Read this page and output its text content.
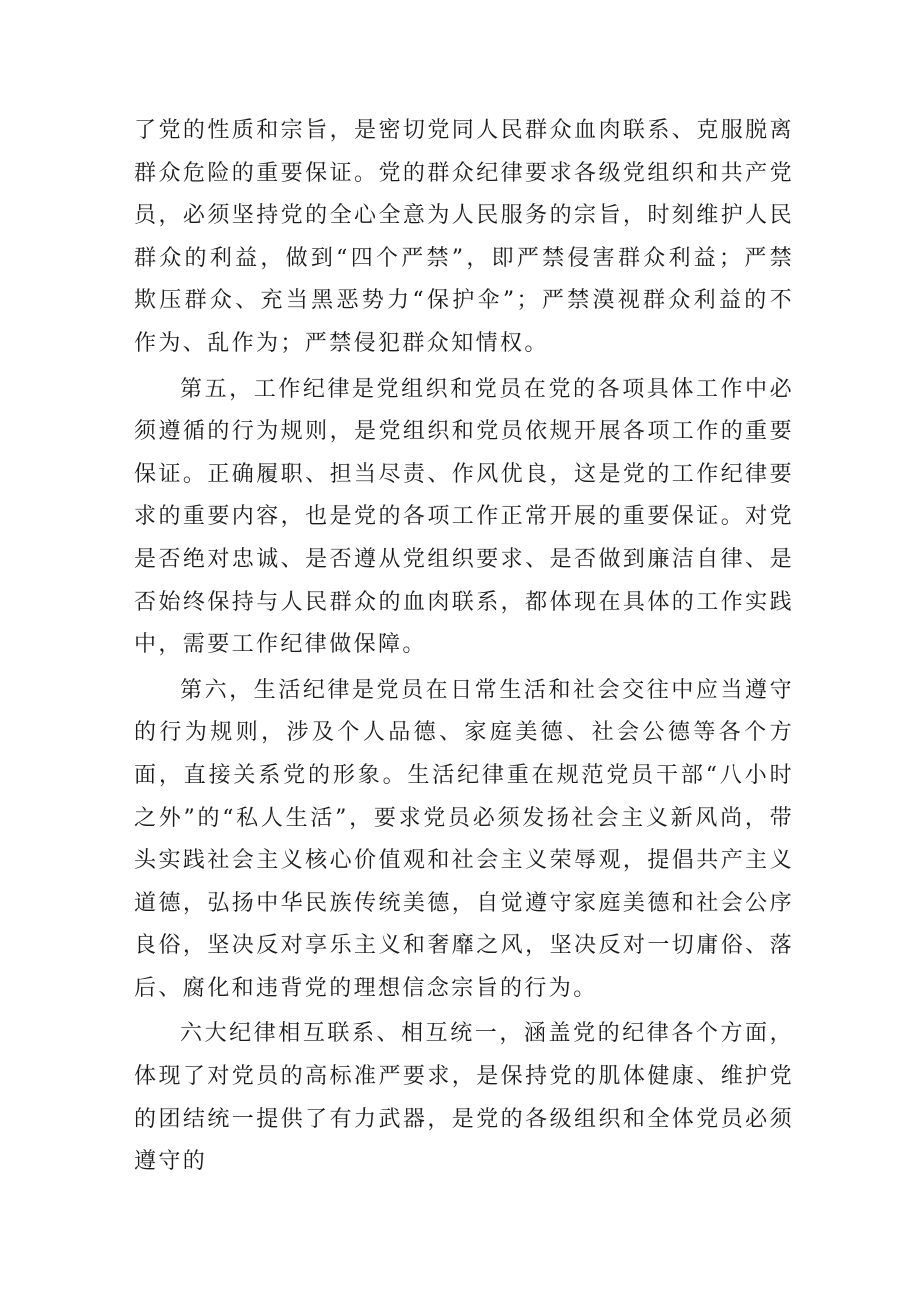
了党的性质和宗旨，是密切党同人民群众血肉联系、克服脱离群众危险的重要保证。党的群众纪律要求各级党组织和共产党员，必须坚持党的全心全意为人民服务的宗旨，时刻维护人民群众的利益，做到“四个严禁”，即严禁侵害群众利益；严禁欺压群众、充当黑恶势力“保护伞”；严禁漠视群众利益的不作为、乱作为；严禁侵犯群众知情权。

第五，工作纪律是党组织和党员在党的各项具体工作中必须遵循的行为规则，是党组织和党员依规开展各项工作的重要保证。正确履职、担当尽责、作风优良，这是党的工作纪律要求的重要内容，也是党的各项工作正常开展的重要保证。对党是否绝对忠诚、是否遵从党组织要求、是否做到廉洁自律、是否始终保持与人民群众的血肉联系，都体现在具体的工作实践中，需要工作纪律做保障。

第六，生活纪律是党员在日常生活和社会交往中应当遵守的行为规则，涉及个人品德、家庭美德、社会公德等各个方面，直接关系党的形象。生活纪律重在规范党员干部“八小时之外”的“私人生活”，要求党员必须发扬社会主义新风尚，带头实践社会主义核心价值观和社会主义荣辱观，提倡共产主义道德，弘扬中华民族传统美德，自觉遵守家庭美德和社会公序良俗，坚决反对享乐主义和奢靡之风，坚决反对一切庸俗、落后、腐化和违背党的理想信念宗旨的行为。

六大纪律相互联系、相互统一，涵盖党的纪律各个方面，体现了对党员的高标准严要求，是保持党的肌体健康、维护党的团结统一提供了有力武器，是党的各级组织和全体党员必须遵守的
